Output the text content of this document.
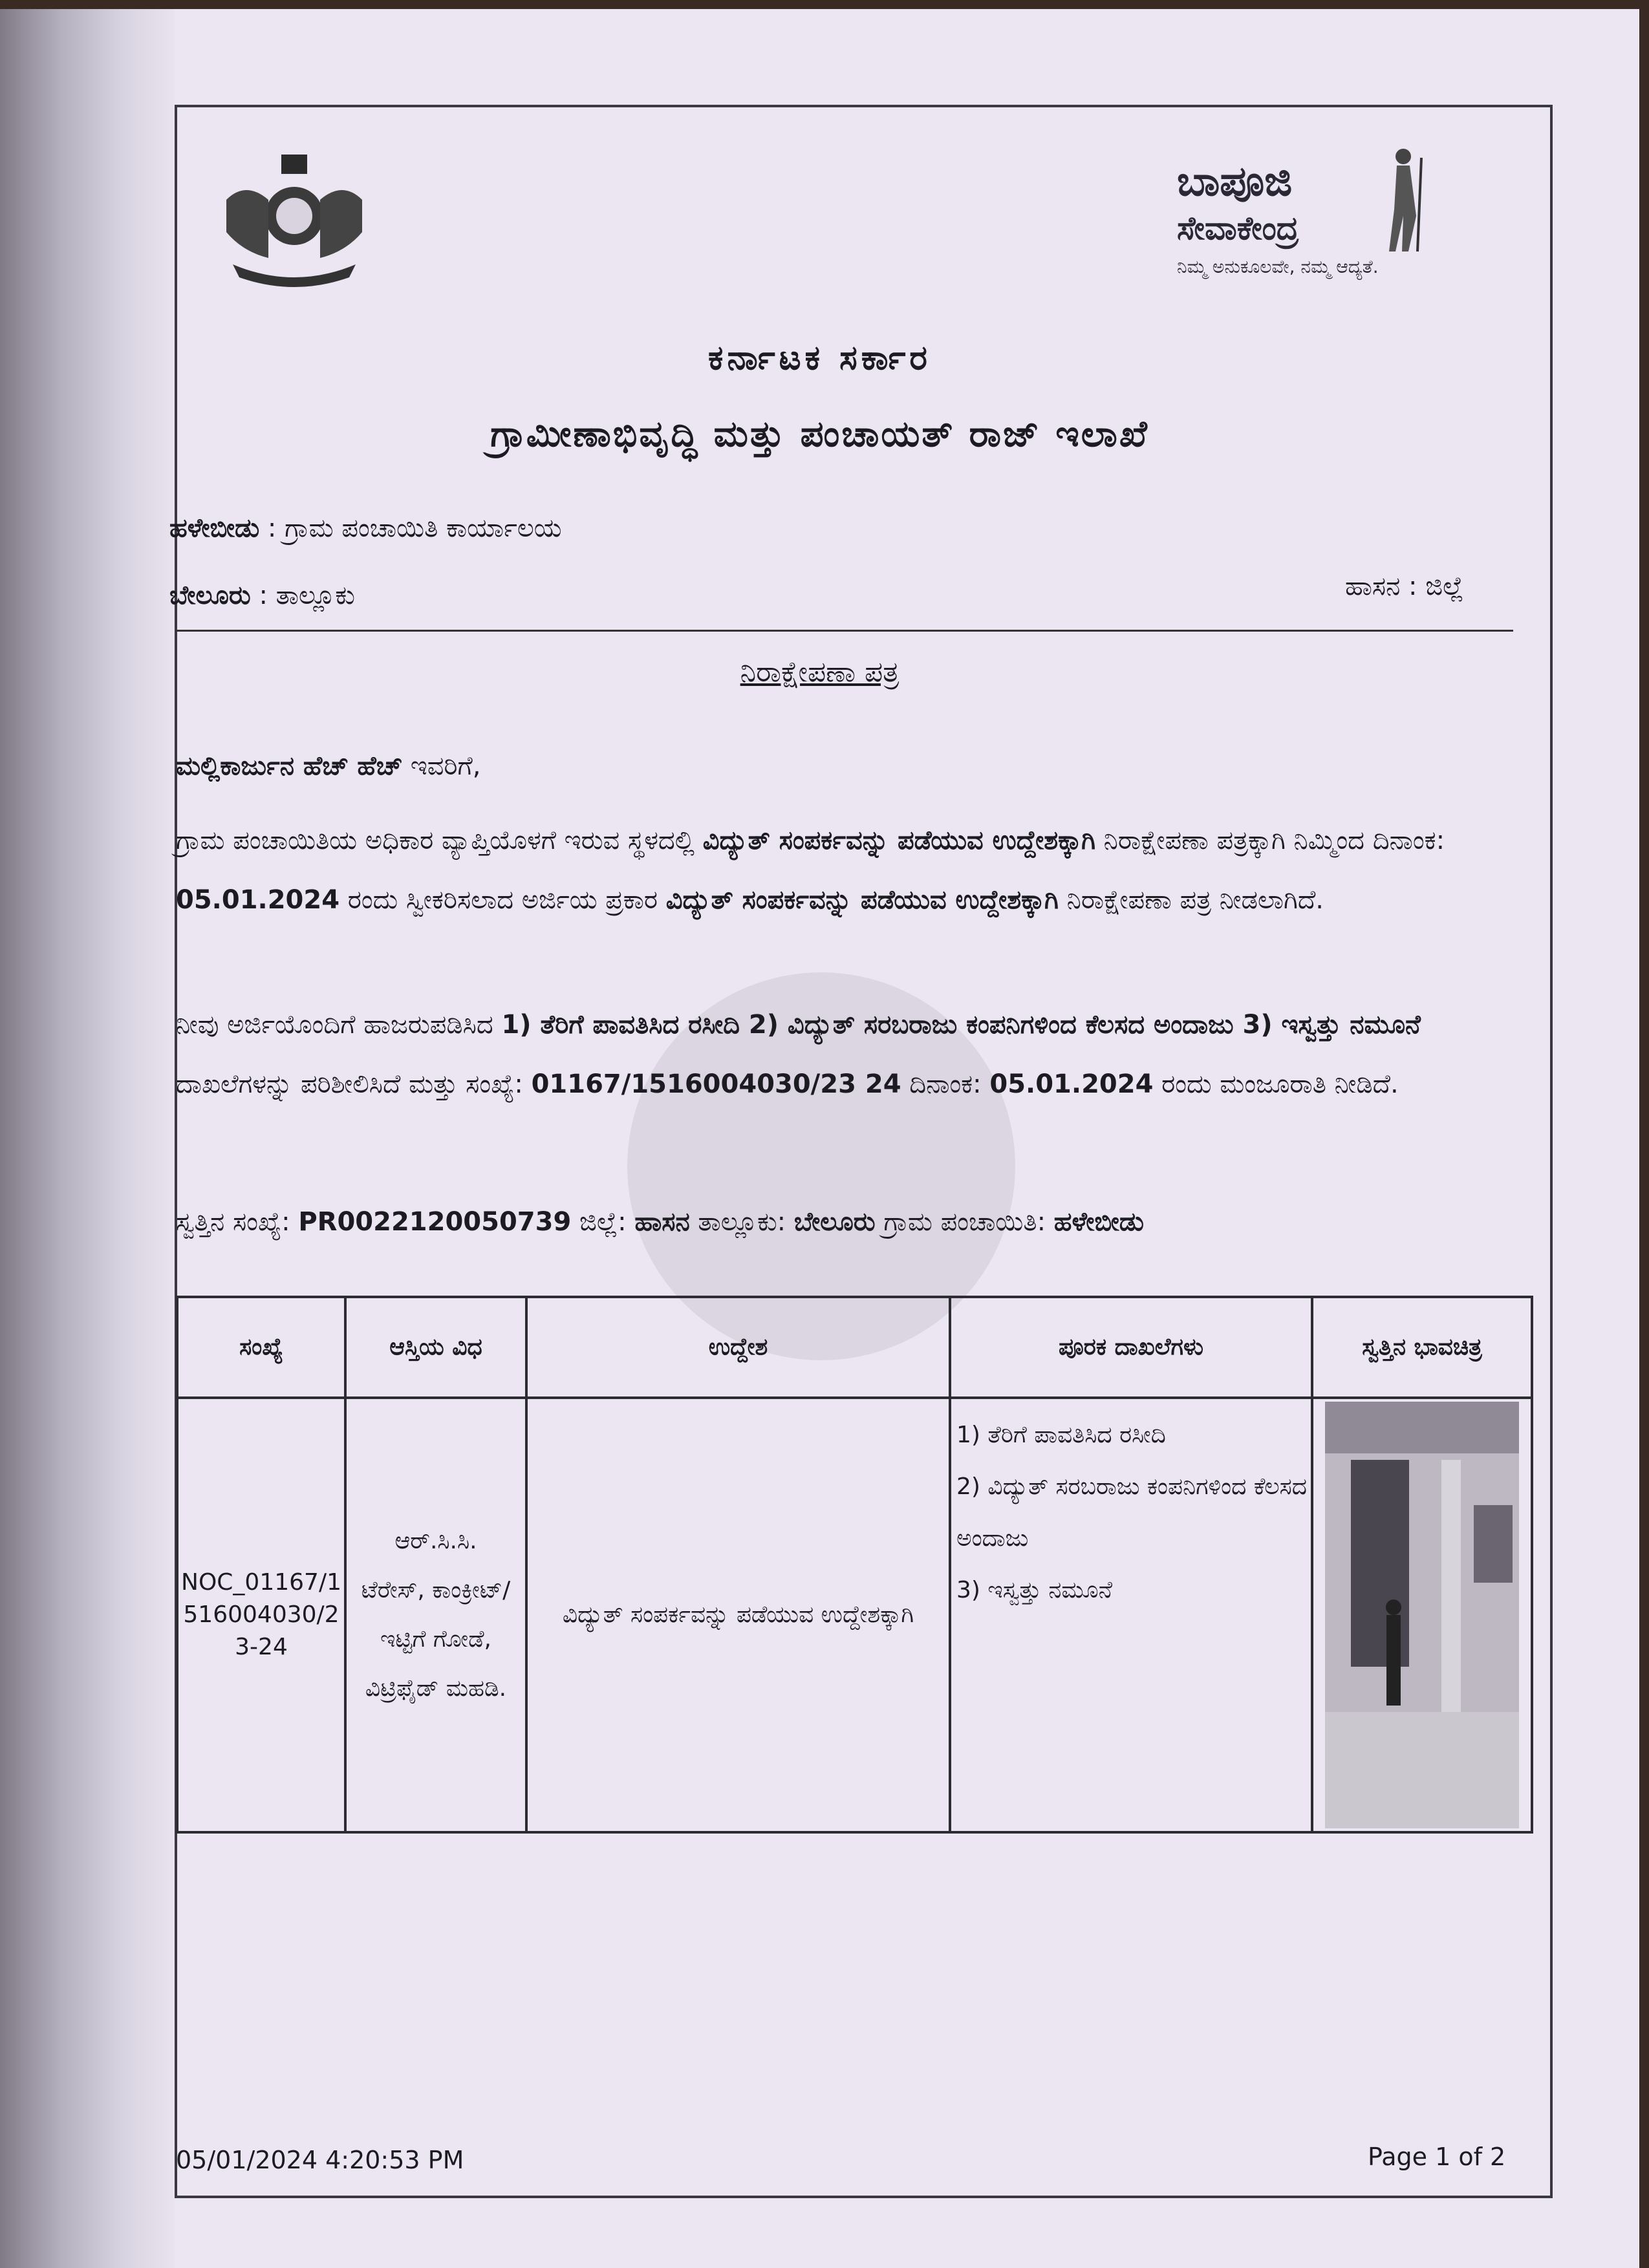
ಬಾಪೂಜಿ
ಸೇವಾಕೇಂದ್ರ
ನಿಮ್ಮ ಅನುಕೂಲವೇ, ನಮ್ಮ ಆದ್ಯತೆ.
ಕರ್ನಾಟಕ ಸರ್ಕಾರ
ಗ್ರಾಮೀಣಾಭಿವೃದ್ಧಿ ಮತ್ತು ಪಂಚಾಯತ್ ರಾಜ್ ಇಲಾಖೆ
ಹಳೇಬೀಡು : ಗ್ರಾಮ ಪಂಚಾಯಿತಿ ಕಾರ್ಯಾಲಯ
ಬೇಲೂರು : ತಾಲ್ಲೂಕು	ಹಾಸನ : ಜಿಲ್ಲೆ
ನಿರಾಕ್ಷೇಪಣಾ ಪತ್ರ
ಮಲ್ಲಿಕಾರ್ಜುನ ಹೆಚ್ ಹೆಚ್ ಇವರಿಗೆ,
ಗ್ರಾಮ ಪಂಚಾಯಿತಿಯ ಅಧಿಕಾರ ವ್ಯಾಪ್ತಿಯೊಳಗೆ ಇರುವ ಸ್ಥಳದಲ್ಲಿ ವಿದ್ಯುತ್ ಸಂಪರ್ಕವನ್ನು ಪಡೆಯುವ ಉದ್ದೇಶಕ್ಕಾಗಿ ನಿರಾಕ್ಷೇಪಣಾ ಪತ್ರಕ್ಕಾಗಿ ನಿಮ್ಮಿಂದ ದಿನಾಂಕ: 05.01.2024 ರಂದು ಸ್ವೀಕರಿಸಲಾದ ಅರ್ಜಿಯ ಪ್ರಕಾರ ವಿದ್ಯುತ್ ಸಂಪರ್ಕವನ್ನು ಪಡೆಯುವ ಉದ್ದೇಶಕ್ಕಾಗಿ ನಿರಾಕ್ಷೇಪಣಾ ಪತ್ರ ನೀಡಲಾಗಿದೆ.
ನೀವು ಅರ್ಜಿಯೊಂದಿಗೆ ಹಾಜರುಪಡಿಸಿದ 1) ತೆರಿಗೆ ಪಾವತಿಸಿದ ರಸೀದಿ 2) ವಿದ್ಯುತ್ ಸರಬರಾಜು ಕಂಪನಿಗಳಿಂದ ಕೆಲಸದ ಅಂದಾಜು 3) ಇಸ್ವತ್ತು ನಮೂನೆ ದಾಖಲೆಗಳನ್ನು ಪರಿಶೀಲಿಸಿದೆ ಮತ್ತು ಸಂಖ್ಯೆ: 01167/1516004030/23 24 ದಿನಾಂಕ: 05.01.2024 ರಂದು ಮಂಜೂರಾತಿ ನೀಡಿದೆ.
ಸ್ವತ್ತಿನ ಸಂಖ್ಯೆ: PR0022120050739 ಜಿಲ್ಲೆ: ಹಾಸನ ತಾಲ್ಲೂಕು: ಬೇಲೂರು ಗ್ರಾಮ ಪಂಚಾಯಿತಿ: ಹಳೇಬೀಡು
ಸಂಖ್ಯೆ	ಆಸ್ತಿಯ ವಿಧ	ಉದ್ದೇಶ	ಪೂರಕ ದಾಖಲೆಗಳು	ಸ್ವತ್ತಿನ ಭಾವಚಿತ್ರ
NOC_01167/1516004030/23-24	ಆರ್.ಸಿ.ಸಿ. ಟೆರೇಸ್, ಕಾಂಕ್ರೀಟ್/ಇಟ್ಟಿಗೆ ಗೋಡೆ, ವಿಟ್ರಿಫೈಡ್ ಮಹಡಿ.	ವಿದ್ಯುತ್ ಸಂಪರ್ಕವನ್ನು ಪಡೆಯುವ ಉದ್ದೇಶಕ್ಕಾಗಿ	1) ತೆರಿಗೆ ಪಾವತಿಸಿದ ರಸೀದಿ
2) ವಿದ್ಯುತ್ ಸರಬರಾಜು ಕಂಪನಿಗಳಿಂದ ಕೆಲಸದ ಅಂದಾಜು
3) ಇಸ್ವತ್ತು ನಮೂನೆ

05/01/2024 4:20:53 PM	Page 1 of 2
